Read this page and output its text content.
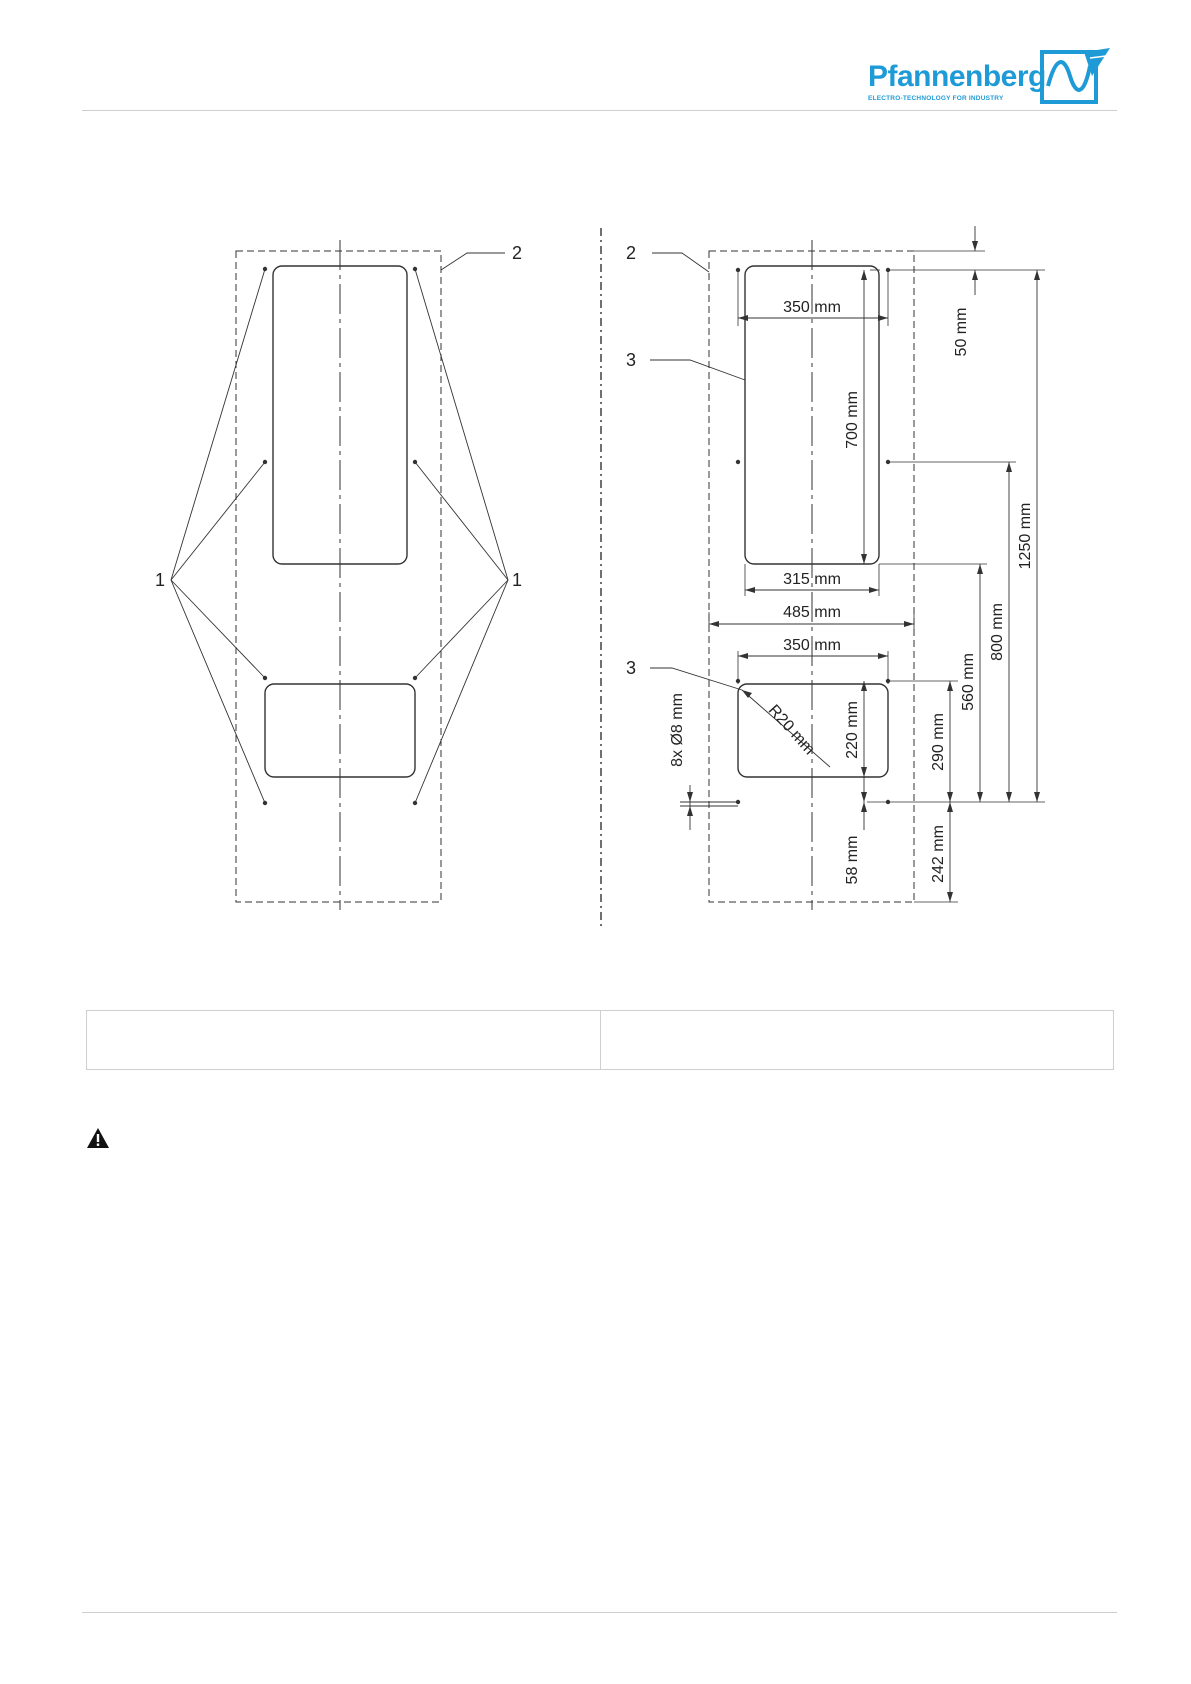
Pfannenberg
ELECTRO-TECHNOLOGY FOR INDUSTRY
1	1
2	2
3
3
350 mm
315 mm
485 mm
350 mm
700 mm
220 mm
R20 mm
8x Ø8 mm
50 mm
1250 mm
800 mm
560 mm
290 mm
58 mm	242 mm
